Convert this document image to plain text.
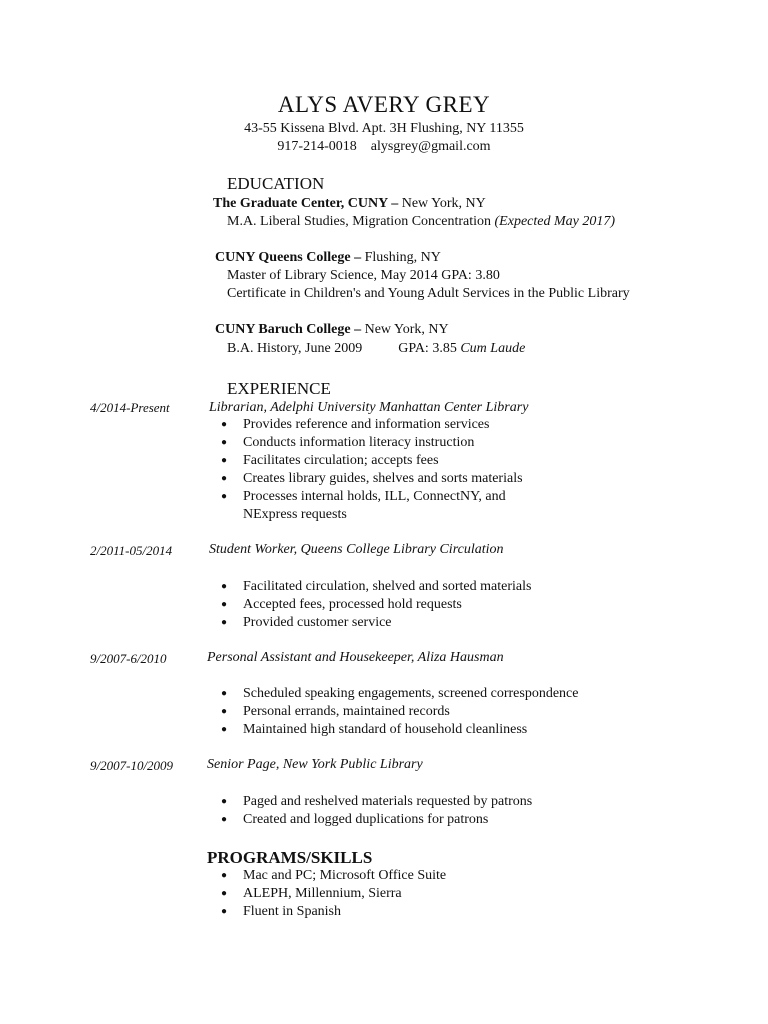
ALYS AVERY GREY
43-55 Kissena Blvd. Apt. 3H Flushing, NY 11355
917-214-0018 alysgrey@gmail.com
EDUCATION
The Graduate Center, CUNY – New York, NY
M.A. Liberal Studies, Migration Concentration (Expected May 2017)
CUNY Queens College – Flushing, NY
Master of Library Science, May 2014 GPA: 3.80
Certificate in Children's and Young Adult Services in the Public Library
CUNY Baruch College – New York, NY
B.A. History, June 2009	GPA: 3.85 Cum Laude
EXPERIENCE
4/2014-Present	Librarian, Adelphi University Manhattan Center Library
● Provides reference and information services
● Conducts information literacy instruction
● Facilitates circulation; accepts fees
● Creates library guides, shelves and sorts materials
● Processes internal holds, ILL, ConnectNY, and NExpress requests
2/2011-05/2014	Student Worker, Queens College Library Circulation
● Facilitated circulation, shelved and sorted materials
● Accepted fees, processed hold requests
● Provided customer service
9/2007-6/2010	Personal Assistant and Housekeeper, Aliza Hausman
● Scheduled speaking engagements, screened correspondence
● Personal errands, maintained records
● Maintained high standard of household cleanliness
9/2007-10/2009 Senior Page, New York Public Library
● Paged and reshelved materials requested by patrons
● Created and logged duplications for patrons
PROGRAMS/SKILLS
● Mac and PC; Microsoft Office Suite
● ALEPH, Millennium, Sierra
● Fluent in Spanish
